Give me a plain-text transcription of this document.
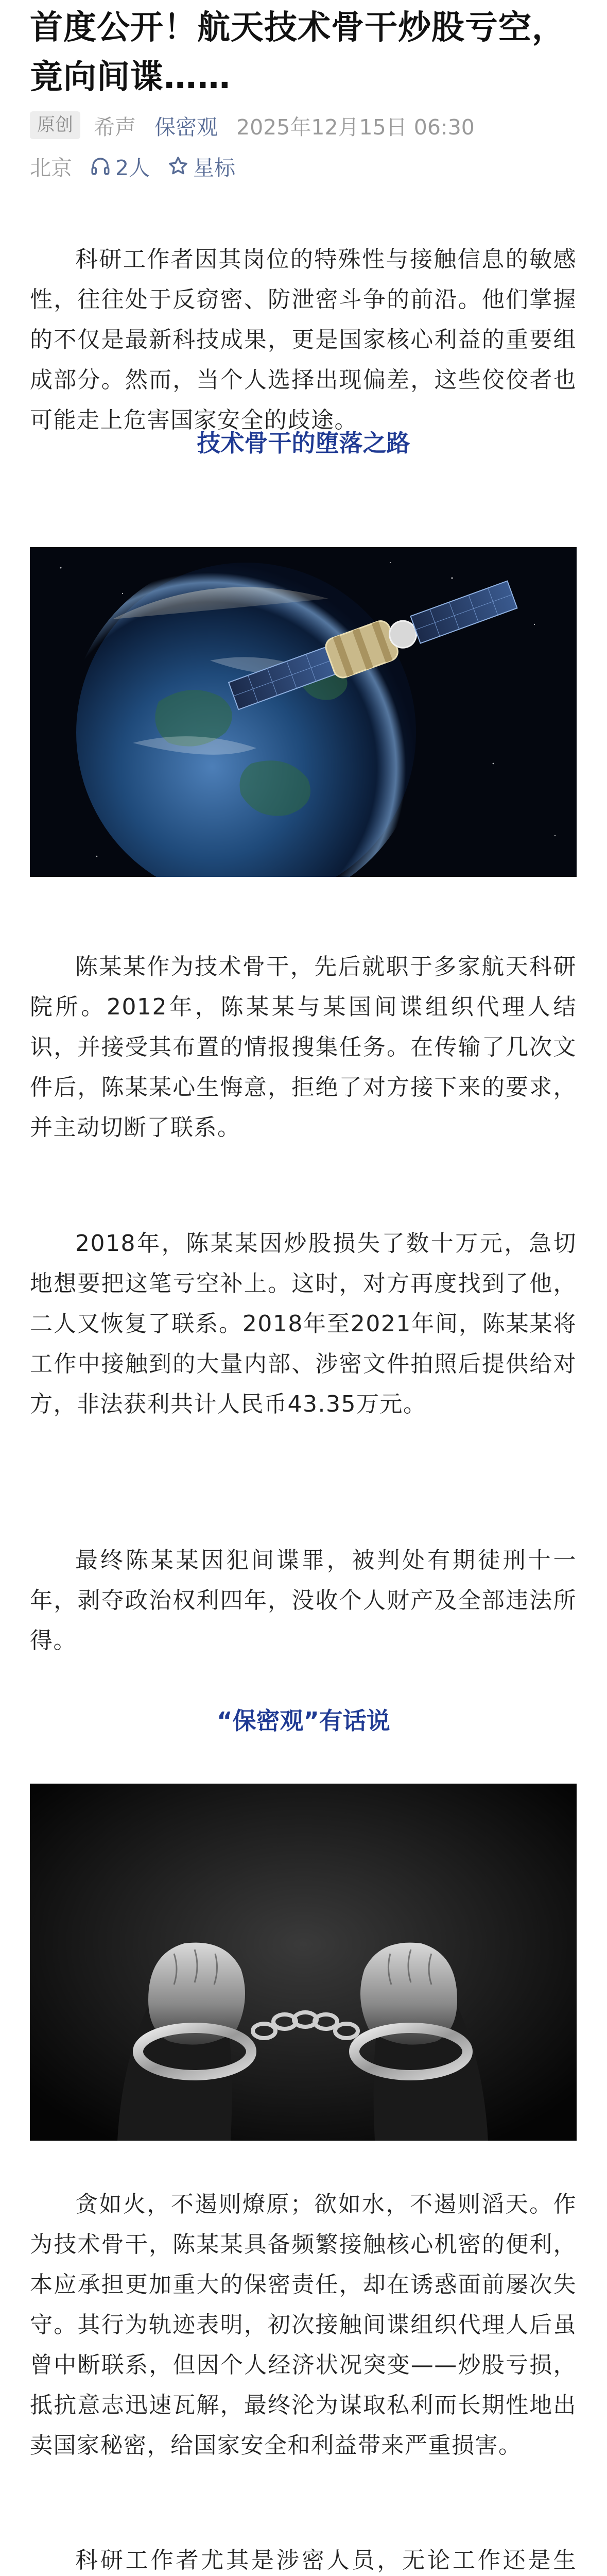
首度公开！航天技术骨干炒股亏空，竟向间谍……
原创 希声 保密观 2025年12月15日 06:30
北京 2人 星标

科研工作者因其岗位的特殊性与接触信息的敏感性，往往处于反窃密、防泄密斗争的前沿。他们掌握的不仅是最新科技成果，更是国家核心利益的重要组成部分。然而，当个人选择出现偏差，这些佼佼者也可能走上危害国家安全的歧途。

技术骨干的堕落之路

陈某某作为技术骨干，先后就职于多家航天科研院所。2012年，陈某某与某国间谍组织代理人结识，并接受其布置的情报搜集任务。在传输了几次文件后，陈某某心生悔意，拒绝了对方接下来的要求，并主动切断了联系。

2018年，陈某某因炒股损失了数十万元，急切地想要把这笔亏空补上。这时，对方再度找到了他，二人又恢复了联系。2018年至2021年间，陈某某将工作中接触到的大量内部、涉密文件拍照后提供给对方，非法获利共计人民币43.35万元。

最终陈某某因犯间谍罪，被判处有期徒刑十一年，剥夺政治权利四年，没收个人财产及全部违法所得。

“保密观”有话说

贪如火，不遏则燎原；欲如水，不遏则滔天。作为技术骨干，陈某某具备频繁接触核心机密的便利，本应承担更加重大的保密责任，却在诱惑面前屡次失守。其行为轨迹表明，初次接触间谍组织代理人后虽曾中断联系，但因个人经济状况突变——炒股亏损，抵抗意志迅速瓦解，最终沦为谋取私利而长期性地出卖国家秘密，给国家安全和利益带来严重损害。

科研工作者尤其是涉密人员，无论工作还是生
